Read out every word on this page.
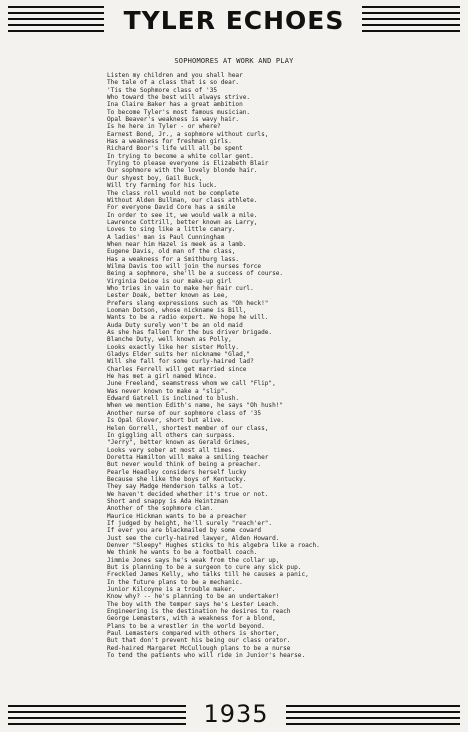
TYLER ECHOES
SOPHOMORES AT WORK AND PLAY
Listen my children and you shall hear
The tale of a class that is so dear.
'Tis the Sophmore class of '35
Who toward the best will always strive.
Ina Claire Baker has a great ambition
To become Tyler's most famous musician.
Opal Beaver's weakness is wavy hair.
Is he here in Tyler - or where?
Earnest Bond, Jr., a sophmore without curls,
Has a weakness for freshman girls.
Richard Boor's life will all be spent
In trying to become a white collar gent.
Trying to please everyone is Elizabeth Blair
Our sophmore with the lovely blonde hair.
Our shyest boy, Gail Buck,
Will try farming for his luck.
The class roll would not be complete
Without Alden Bullman, our class athlete.
For everyone David Core has a smile
In order to see it, we would walk a mile.
Lawrence Cottrill, better known as Larry,
Loves to sing like a little canary.
A ladies' man is Paul Cunningham
When near him Hazel is meek as a lamb.
Eugene Davis, old man of the class,
Has a weakness for a Smithburg lass.
Wilma Davis too will join the nurses force
Being a sophmore, she'll be a success of course.
Virginia DeLoe is our make-up girl
Who tries in vain to make her hair curl.
Lester Doak, better known as Lee,
Prefers slang expressions such as "Oh heck!"
Looman Dotson, whose nickname is Bill,
Wants to be a radio expert. We hope he will.
Auda Duty surely won't be an old maid
As she has fallen for the bus driver brigade.
Blanche Duty, well known as Polly,
Looks exactly like her sister Molly.
Gladys Elder suits her nickname "Glad,"
Will she fall for some curly-haired lad?
Charles Ferrell will get married since
He has met a girl named Wince.
June Freeland, seamstress whom we call "Flip",
Was never known to make a "slip".
Edward Gatrell is inclined to blush.
When we mention Edith's name, he says "Oh hush!"
Another nurse of our sophmore class of '35
Is Opal Glover, short but alive.
Helen Gorrell, shortest member of our class,
In giggling all others can surpass.
"Jerry", better known as Gerald Grimes,
Looks very sober at most all times.
Doretta Hamilton will make a smiling teacher
But never would think of being a preacher.
Pearle Headley considers herself lucky
Because she like the boys of Kentucky.
They say Madge Henderson talks a lot.
We haven't decided whether it's true or not.
Short and snappy is Ada Heintzman
Another of the sophmore clan.
Maurice Hickman wants to be a preacher
If judged by height, he'll surely "reach'er".
If ever you are blackmailed by some coward
Just see the curly-haired lawyer, Alden Howard.
Denver "Sleepy" Hughes sticks to his algebra like a roach.
We think he wants to be a football coach.
Jimmie Jones says he's weak from the collar up,
But is planning to be a surgeon to cure any sick pup.
Freckled James Kelly, who talks till he causes a panic,
In the future plans to be a mechanic.
Junior Kilcoyne is a trouble maker.
Know why? -- he's planning to be an undertaker!
The boy with the temper says he's Lester Leach.
Engineering is the destination he desires to reach
George Lemasters, with a weakness for a blond,
Plans to be a wrestler in the world beyond.
Paul Lemasters compared with others is shorter,
But that don't prevent his being our class orator.
Red-haired Margaret McCullough plans to be a nurse
To tend the patients who will ride in Junior's hearse.
1935
